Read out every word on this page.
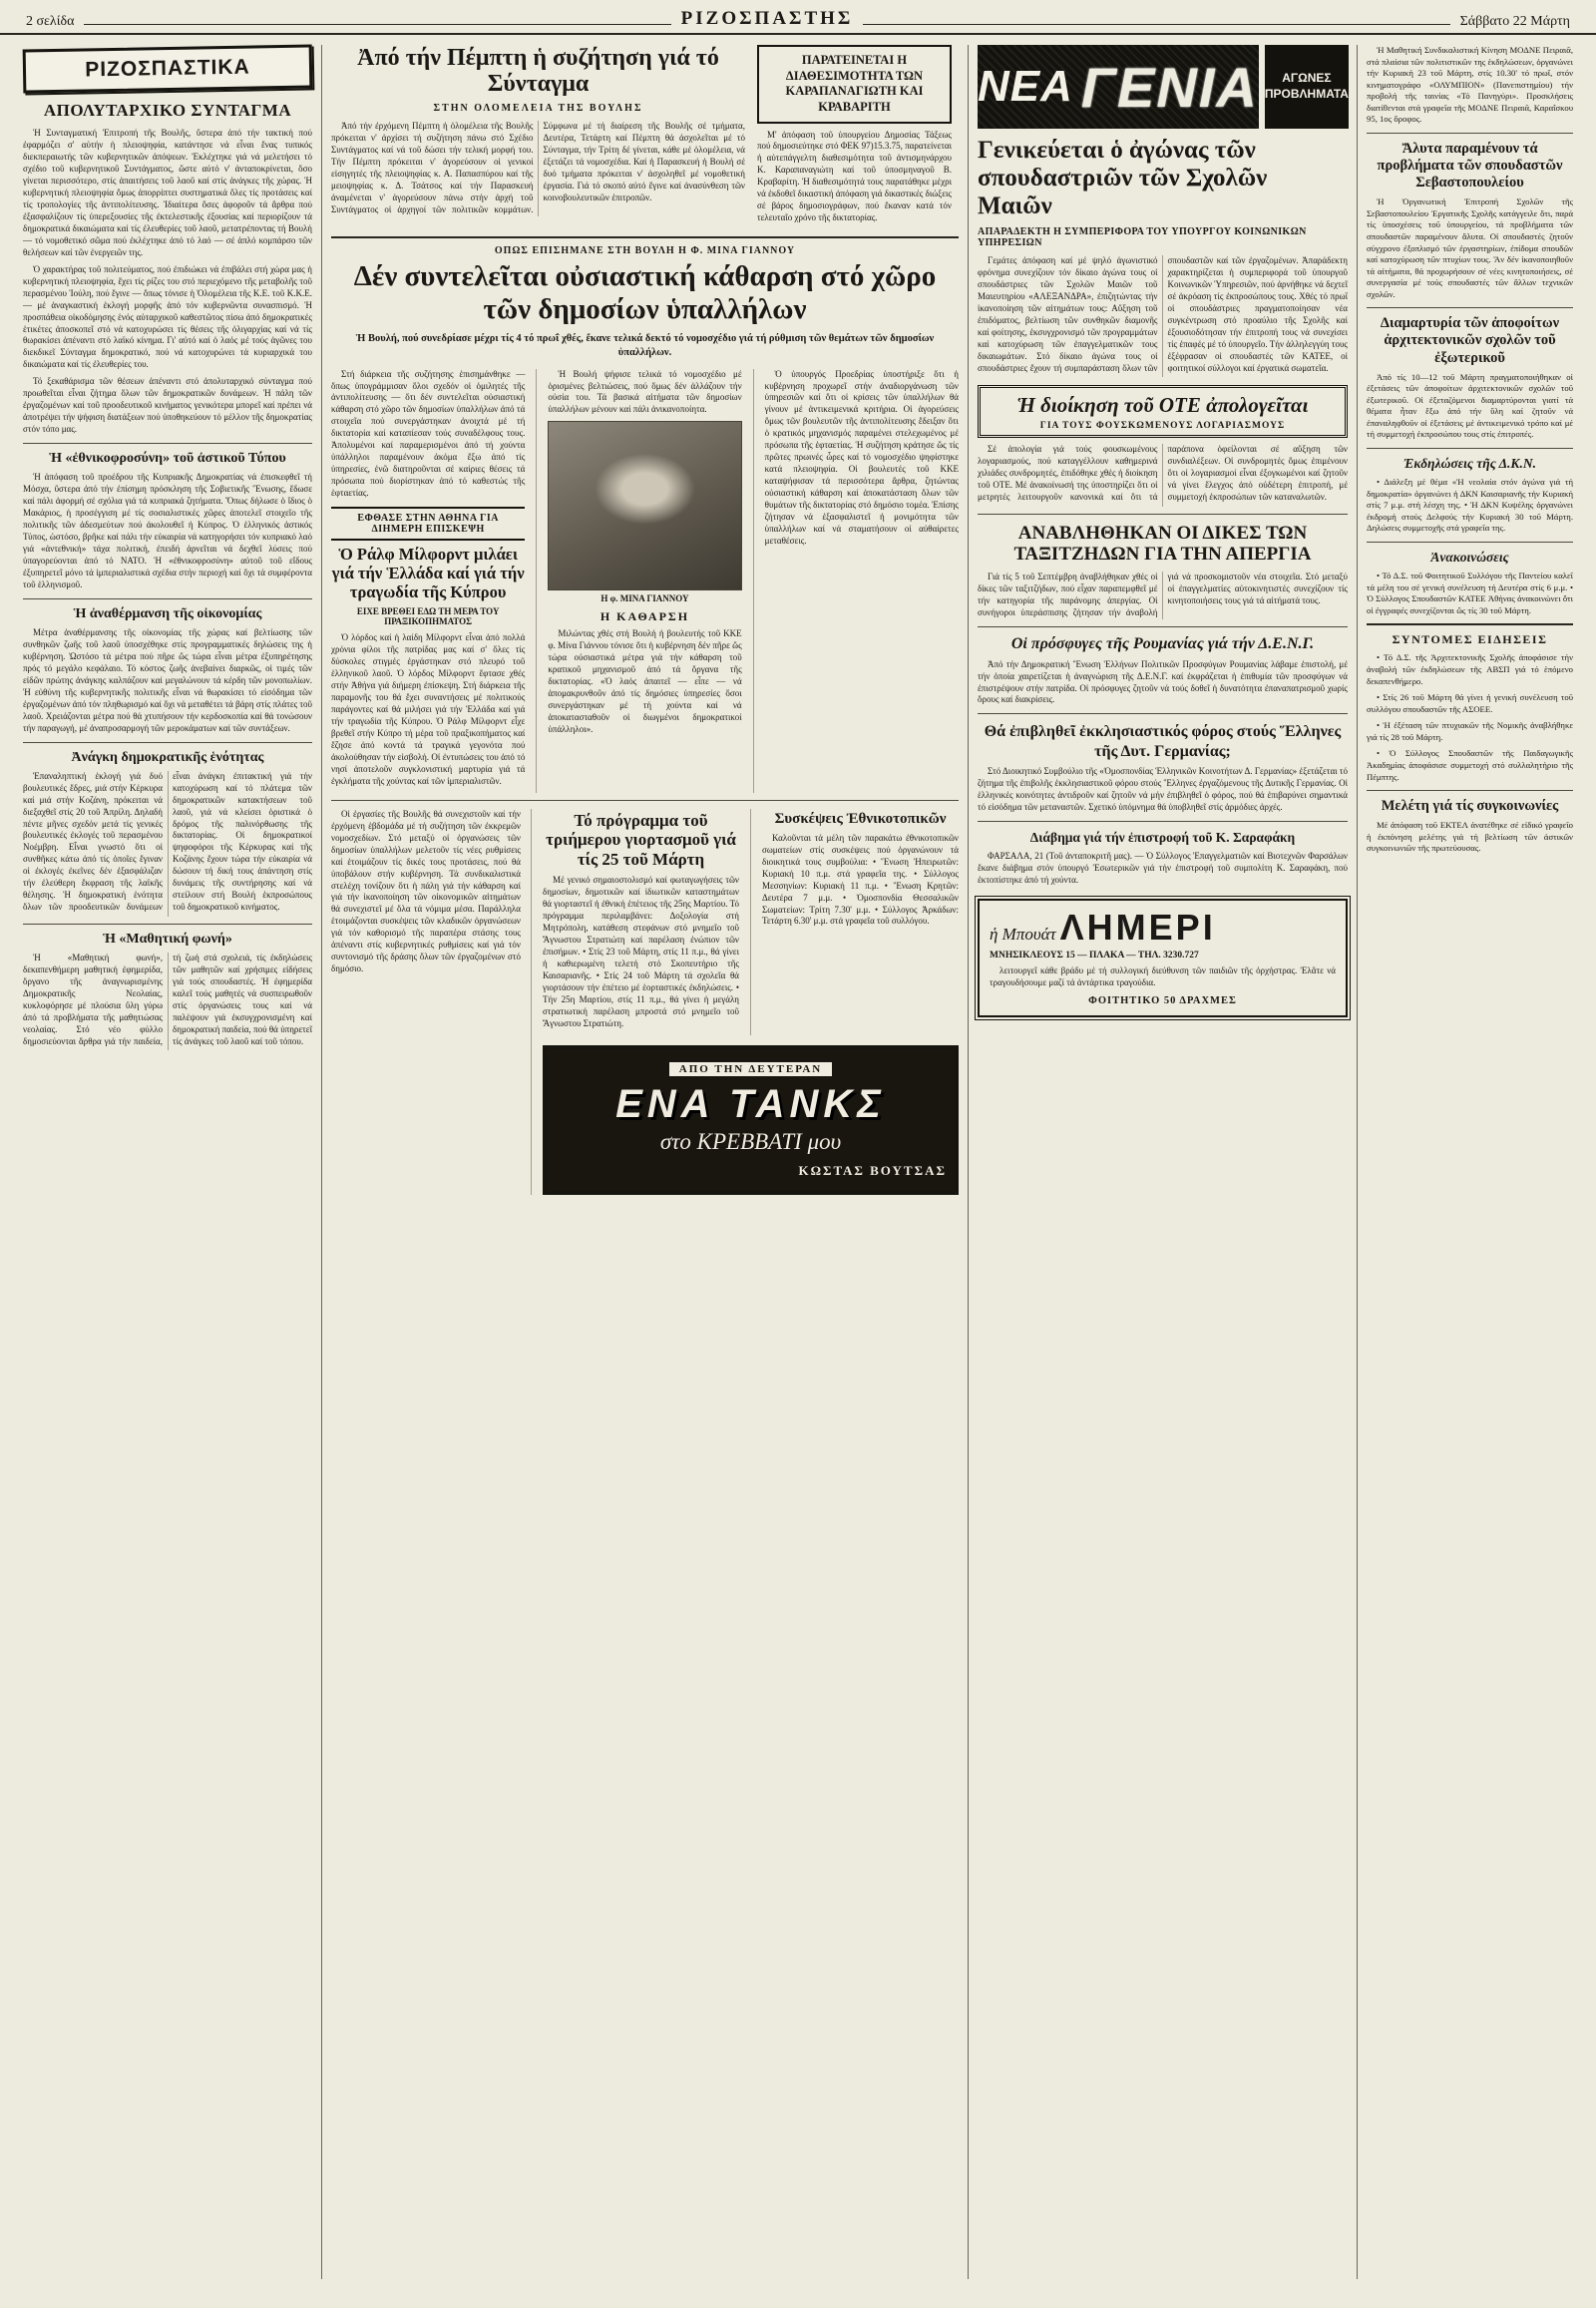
2 σελίδα	ΡΙΖΟΣΠΑΣΤΗΣ	Σάββατο 22 Μάρτη
ΡΙΖΟΣΠΑΣΤΙΚΑ
ΑΠΟΛΥΤΑΡΧΙΚΟ ΣΥΝΤΑΓΜΑ

Ἡ Συνταγματική Ἐπιτροπή τῆς Βουλῆς, ὕστερα ἀπό τήν τακτική πού ἐφαρμόζει σ' αὐτήν ἡ πλειοψηφία, κατάντησε νά εἶναι ἕνας τυπικός διεκπεραιωτής τῶν κυβερνητικῶν ἀπόψεων. Ἐκλέχτηκε γιά νά μελετήσει τό σχέδιο τοῦ κυβερνητικοῦ Συντάγματος, ὥστε αὐτό ν' ἀνταποκρίνεται, ὅσο γίνεται περισσότερο, στίς ἀπαιτήσεις τοῦ λαοῦ καί στίς ἀνάγκες τῆς χώρας. Ἡ κυβερνητική πλειοψηφία ὅμως ἀπορρίπτει συστηματικά ὅλες τίς προτάσεις καί τίς τροπολογίες τῆς ἀντιπολίτευσης. Ἰδιαίτερα ὅσες ἀφοροῦν τά ἄρθρα πού ἐξασφαλίζουν τίς ὑπερεξουσίες τῆς ἐκτελεστικῆς ἐξουσίας καί περιορίζουν τά δημοκρατικά δικαιώματα καί τίς ἐλευθερίες τοῦ λαοῦ, μετατρέποντας τή Βουλή — τό νομοθετικό σῶμα πού ἐκλέχτηκε ἀπό τό λαό — σέ ἁπλό κομπάρσο τῶν θελήσεων καί τῶν ἐνεργειῶν της.

Ὁ χαρακτήρας τοῦ πολιτεύματος, πού ἐπιδιώκει νά ἐπιβάλει στή χώρα μας ἡ κυβερνητική πλειοψηφία, ἔχει τίς ρίζες του στό περιεχόμενο τῆς μεταβολῆς τοῦ περασμένου Ἰούλη, πού ἔγινε — ὅπως τόνισε ἡ Ὁλομέλεια τῆς Κ.Ε. τοῦ Κ.Κ.Ε. — μέ ἀναγκαστική ἐκλογή μορφῆς ἀπό τόν κυβερνῶντα συνασπισμό. Ἡ προσπάθεια οἰκοδόμησης ἑνός αὐταρχικοῦ καθεστῶτος πίσω ἀπό δημοκρατικές ἑτικέτες ἀποσκοπεῖ στό νά κατοχυρώσει τίς θέσεις τῆς ὀλιγαρχίας καί νά τίς θωρακίσει ἀπέναντι στό λαϊκό κίνημα. Γι' αὐτό καί ὁ λαός μέ τούς ἀγῶνες του διεκδικεῖ Σύνταγμα δημοκρατικό, πού νά κατοχυρώνει τά κυριαρχικά του δικαιώματα καί τίς ἐλευθερίες του.

Τό ξεκαθάρισμα τῶν θέσεων ἀπέναντι στό ἀπολυταρχικό σύνταγμα πού προωθεῖται εἶναι ζήτημα ὅλων τῶν δημοκρατικῶν δυνάμεων. Ἡ πάλη τῶν ἐργαζομένων καί τοῦ προοδευτικοῦ κινήματος γενικότερα μπορεῖ καί πρέπει νά ἀποτρέψει τήν ψήφιση διατάξεων πού ὑποθηκεύουν τό μέλλον τῆς δημοκρατίας στόν τόπο μας.

Ἡ «ἐθνικοφροσύνη» τοῦ ἀστικοῦ Τύπου

Ἡ ἀπόφαση τοῦ προέδρου τῆς Κυπριακῆς Δημοκρατίας νά ἐπισκεφθεῖ τή Μόσχα, ὕστερα ἀπό τήν ἐπίσημη πρόσκληση τῆς Σοβιετικῆς Ἕνωσης, ἔδωσε καί πάλι ἀφορμή σέ σχόλια γιά τά κυπριακά ζητήματα. Ὅπως δήλωσε ὁ ἴδιος ὁ Μακάριος, ἡ προσέγγιση μέ τίς σοσιαλιστικές χῶρες ἀποτελεῖ στοιχεῖο τῆς πολιτικῆς τῶν ἀδεσμεύτων πού ἀκολουθεῖ ἡ Κύπρος. Ὁ ἑλληνικός ἀστικός Τύπος, ὡστόσο, βρῆκε καί πάλι τήν εὐκαιρία νά κατηγορήσει τόν κυπριακό λαό γιά «ἀντεθνική» τάχα πολιτική, ἐπειδή ἀρνεῖται νά δεχθεῖ λύσεις πού ὑπαγορεύονται ἀπό τό ΝΑΤΟ. Ἡ «ἐθνικοφροσύνη» αὐτοῦ τοῦ εἴδους ἐξυπηρετεῖ μόνο τά ἰμπεριαλιστικά σχέδια στήν περιοχή καί ὄχι τά συμφέροντα τοῦ ἑλληνισμοῦ.

Ἡ ἀναθέρμανση τῆς οἰκονομίας

Μέτρα ἀναθέρμανσης τῆς οἰκονομίας τῆς χώρας καί βελτίωσης τῶν συνθηκῶν ζωῆς τοῦ λαοῦ ὑποσχέθηκε στίς προγραμματικές δηλώσεις της ἡ κυβέρνηση. Ὡστόσο τά μέτρα πού πῆρε ὥς τώρα εἶναι μέτρα ἐξυπηρέτησης πρός τό μεγάλο κεφάλαιο. Τό κόστος ζωῆς ἀνεβαίνει διαρκῶς, οἱ τιμές τῶν εἰδῶν πρώτης ἀνάγκης καλπάζουν καί μεγαλώνουν τά κέρδη τῶν μονοπωλίων. Ἡ εὐθύνη τῆς κυβερνητικῆς πολιτικῆς εἶναι νά θωρακίσει τό εἰσόδημα τῶν ἐργαζομένων ἀπό τόν πληθωρισμό καί ὄχι νά μεταθέτει τά βάρη στίς πλάτες τοῦ λαοῦ. Χρειάζονται μέτρα πού θά χτυπήσουν τήν κερδοσκοπία καί θά τονώσουν τήν παραγωγή, μέ ἀναπροσαρμογή τῶν μεροκάματων καί τῶν συντάξεων.

Ἀνάγκη δημοκρατικῆς ἑνότητας

Ἐπαναληπτική ἐκλογή γιά δυό βουλευτικές ἕδρες, μιά στήν Κέρκυρα καί μιά στήν Κοζάνη, πρόκειται νά διεξαχθεῖ στίς 20 τοῦ Ἀπρίλη. Δηλαδή πέντε μῆνες σχεδόν μετά τίς γενικές βουλευτικές ἐκλογές τοῦ περασμένου Νοέμβρη. Εἶναι γνωστό ὅτι οἱ συνθῆκες κάτω ἀπό τίς ὁποῖες ἔγιναν οἱ ἐκλογές ἐκεῖνες δέν ἐξασφάλιζαν τήν ἐλεύθερη ἔκφραση τῆς λαϊκῆς θέλησης. Ἡ δημοκρατική ἑνότητα ὅλων τῶν προοδευτικῶν δυνάμεων εἶναι ἀνάγκη ἐπιτακτική γιά τήν κατοχύρωση καί τό πλάτεμα τῶν δημοκρατικῶν κατακτήσεων τοῦ λαοῦ, γιά νά κλείσει ὁριστικά ὁ δρόμος τῆς παλινόρθωσης τῆς δικτατορίας. Οἱ δημοκρατικοί ψηφοφόροι τῆς Κέρκυρας καί τῆς Κοζάνης ἔχουν τώρα τήν εὐκαιρία νά δώσουν τή δική τους ἀπάντηση στίς δυνάμεις τῆς συντήρησης καί νά στείλουν στή Βουλή ἐκπροσώπους τοῦ δημοκρατικοῦ κινήματος.

Ἡ «Μαθητική φωνή»

Ἡ «Μαθητική φωνή», δεκαπενθήμερη μαθητική ἐφημερίδα, ὄργανο τῆς ἀναγνωρισμένης Δημοκρατικῆς Νεολαίας, κυκλοφόρησε μέ πλούσια ὕλη γύρω ἀπό τά προβλήματα τῆς μαθητιώσας νεολαίας. Στό νέο φύλλο δημοσιεύονται ἄρθρα γιά τήν παιδεία, τή ζωή στά σχολειά, τίς ἐκδηλώσεις τῶν μαθητῶν καί χρήσιμες εἰδήσεις γιά τούς σπουδαστές. Ἡ ἐφημερίδα καλεῖ τούς μαθητές νά συσπειρωθοῦν στίς ὀργανώσεις τους καί νά παλέψουν γιά ἐκσυγχρονισμένη καί δημοκρατική παιδεία, πού θά ὑπηρετεῖ τίς ἀνάγκες τοῦ λαοῦ καί τοῦ τόπου.

Ἀπό τήν Πέμπτη ἡ συζήτηση γιά τό Σύνταγμα
ΣΤΗΝ ΟΛΟΜΕΛΕΙΑ ΤΗΣ ΒΟΥΛΗΣ

Ἀπό τήν ἐρχόμενη Πέμπτη ἡ ὁλομέλεια τῆς Βουλῆς πρόκειται ν' ἀρχίσει τή συζήτηση πάνω στό Σχέδιο Συντάγματος καί νά τοῦ δώσει τήν τελική μορφή του. Τήν Πέμπτη πρόκειται ν' ἀγορεύσουν οἱ γενικοί εἰσηγητές τῆς πλειοψηφίας κ. Α. Παπασπύρου καί τῆς μειοψηφίας κ. Δ. Τσάτσος καί τήν Παρασκευή ἀναμένεται ν' ἀγορεύσουν πάνω στήν ἀρχή τοῦ Συντάγματος οἱ ἀρχηγοί τῶν πολιτικῶν κομμάτων. Σύμφωνα μέ τή διαίρεση τῆς Βουλῆς σέ τμήματα, Δευτέρα, Τετάρτη καί Πέμπτη θά ἀσχολεῖται μέ τό Σύνταγμα, τήν Τρίτη δέ γίνεται, κάθε μέ ὁλομέλεια, νά ἐξετάζει τά νομοσχέδια. Καί ἡ Παρασκευή ἡ Βουλή σέ δυό τμήματα πρόκειται ν' ἀσχοληθεῖ μέ νομοθετική ἐργασία. Γιά τό σκοπό αὐτό ἔγινε καί ἀνασύνθεση τῶν κοινοβουλευτικῶν ἐπιτροπῶν.

ΠΑΡΑΤΕΙΝΕΤΑΙ Η ΔΙΑΘΕΣΙΜΟΤΗΤΑ ΤΩΝ ΚΑΡΑΠΑΝΑΓΙΩΤΗ ΚΑΙ ΚΡΑΒΑΡΙΤΗ

Μ' ἀπόφαση τοῦ ὑπουργείου Δημοσίας Τάξεως πού δημοσιεύτηκε στό ΦΕΚ 97)15.3.75, παρατείνεται ἡ αὐτεπάγγελτη διαθεσιμότητα τοῦ ἀντισμηνάρχου Κ. Καραπαναγιώτη καί τοῦ ὑποσμηναγοῦ Β. Κραβαρίτη. Ἡ διαθεσιμότητά τους παρατάθηκε μέχρι νά ἐκδοθεῖ δικαστική ἀπόφαση γιά δικαστικές διώξεις σέ βάρος δημοσιογράφων, πού ἔκαναν κατά τόν τελευταῖο χρόνο τῆς δικτατορίας.

ΟΠΩΣ ΕΠΙΣΗΜΑΝΕ ΣΤΗ ΒΟΥΛΗ Η Φ. ΜΙΝΑ ΓΙΑΝΝΟΥ
Δέν συντελεῖται οὐσιαστική κάθαρση στό χῶρο τῶν δημοσίων ὑπαλλήλων
Ἡ Βουλή, πού συνεδρίασε μέχρι τίς 4 τό πρωΐ χθές, ἔκανε τελικά δεκτό τό νομοσχέδιο γιά τή ρύθμιση τῶν θεμάτων τῶν δημοσίων ὑπαλλήλων.

Στή διάρκεια τῆς συζήτησης ἐπισημάνθηκε — ὅπως ὑπογράμμισαν ὅλοι σχεδόν οἱ ὁμιλητές τῆς ἀντιπολίτευσης — ὅτι δέν συντελεῖται οὐσιαστική κάθαρση στό χῶρο τῶν δημοσίων ὑπαλλήλων ἀπό τά στοιχεῖα πού συνεργάστηκαν ἀνοιχτά μέ τή δικτατορία καί καταπίεσαν τούς συναδέλφους τους. Ἀπολυμένοι καί παραμερισμένοι ἀπό τή χούντα ὑπάλληλοι παραμένουν ἀκόμα ἔξω ἀπό τίς ὑπηρεσίες, ἐνῶ διατηροῦνται σέ καίριες θέσεις τά πρόσωπα πού διορίστηκαν ἀπό τό καθεστώς τῆς ἑφταετίας.

ΕΦΘΑΣΕ ΣΤΗΝ ΑΘΗΝΑ ΓΙΑ ΔΙΗΜΕΡΗ ΕΠΙΣΚΕΨΗ
Ὁ Ράλφ Μίλφορντ μιλάει γιά τήν Ἑλλάδα καί γιά τήν τραγωδία τῆς Κύπρου
ΕΙΧΕ ΒΡΕΘΕΙ ΕΔΩ ΤΗ ΜΕΡΑ ΤΟΥ ΠΡΑΞΙΚΟΠΗΜΑΤΟΣ

Ὁ λόρδος καί ἡ λαίδη Μίλφορντ εἶναι ἀπό πολλά χρόνια φίλοι τῆς πατρίδας μας καί σ' ὅλες τίς δύσκολες στιγμές ἐργάστηκαν στό πλευρό τοῦ ἑλληνικοῦ λαοῦ. Ὁ λόρδος Μίλφορντ ἔφτασε χθές στήν Ἀθήνα γιά διήμερη ἐπίσκεψη. Στή διάρκεια τῆς παραμονῆς του θά ἔχει συναντήσεις μέ πολιτικούς παράγοντες καί θά μιλήσει γιά τήν Ἑλλάδα καί γιά τήν τραγωδία τῆς Κύπρου. Ὁ Ράλφ Μίλφορντ εἶχε βρεθεῖ στήν Κύπρο τή μέρα τοῦ πραξικοπήματος καί ἔζησε ἀπό κοντά τά τραγικά γεγονότα πού ἀκολούθησαν τήν εἰσβολή. Οἱ ἐντυπώσεις του ἀπό τό νησί ἀποτελοῦν συγκλονιστική μαρτυρία γιά τά ἐγκλήματα τῆς χούντας καί τῶν ἰμπεριαλιστῶν.

Ἡ Βουλή ψήφισε τελικά τό νομοσχέδιο μέ ὁρισμένες βελτιώσεις, πού ὅμως δέν ἀλλάζουν τήν οὐσία του. Τά βασικά αἰτήματα τῶν δημοσίων ὑπαλλήλων μένουν καί πάλι ἀνικανοποίητα.

Η φ. ΜΙΝΑ ΓΙΑΝΝΟΥ
Η ΚΑΘΑΡΣΗ

Μιλώντας χθές στή Βουλή ἡ βουλευτής τοῦ ΚΚΕ φ. Μίνα Γιάννου τόνισε ὅτι ἡ κυβέρνηση δέν πῆρε ὥς τώρα οὐσιαστικά μέτρα γιά τήν κάθαρση τοῦ κρατικοῦ μηχανισμοῦ ἀπό τά ὄργανα τῆς δικτατορίας. «Ὁ λαός ἀπαιτεῖ — εἶπε — νά ἀπομακρυνθοῦν ἀπό τίς δημόσιες ὑπηρεσίες ὅσοι συνεργάστηκαν μέ τή χούντα καί νά ἀποκατασταθοῦν οἱ διωγμένοι δημοκρατικοί ὑπάλληλοι».

Ὁ ὑπουργός Προεδρίας ὑποστήριξε ὅτι ἡ κυβέρνηση προχωρεῖ στήν ἀναδιοργάνωση τῶν ὑπηρεσιῶν καί ὅτι οἱ κρίσεις τῶν ὑπαλλήλων θά γίνουν μέ ἀντικειμενικά κριτήρια. Οἱ ἀγορεύσεις ὅμως τῶν βουλευτῶν τῆς ἀντιπολίτευσης ἔδειξαν ὅτι ὁ κρατικός μηχανισμός παραμένει στελεχωμένος μέ πρόσωπα τῆς ἑφταετίας. Ἡ συζήτηση κράτησε ὥς τίς πρῶτες πρωινές ὧρες καί τό νομοσχέδιο ψηφίστηκε κατά πλειοψηφία. Οἱ βουλευτές τοῦ ΚΚΕ καταψήφισαν τά περισσότερα ἄρθρα, ζητώντας οὐσιαστική κάθαρση καί ἀποκατάσταση ὅλων τῶν θυμάτων τῆς δικτατορίας στό δημόσιο τομέα. Ἐπίσης ζήτησαν νά ἐξασφαλιστεῖ ἡ μονιμότητα τῶν ὑπαλλήλων καί νά σταματήσουν οἱ αὐθαίρετες μεταθέσεις.

Οἱ ἐργασίες τῆς Βουλῆς θά συνεχιστοῦν καί τήν ἐρχόμενη ἑβδομάδα μέ τή συζήτηση τῶν ἐκκρεμῶν νομοσχεδίων. Στό μεταξύ οἱ ὀργανώσεις τῶν δημοσίων ὑπαλλήλων μελετοῦν τίς νέες ρυθμίσεις καί ἑτοιμάζουν τίς δικές τους προτάσεις, πού θά ὑποβάλουν στήν κυβέρνηση. Τά συνδικαλιστικά στελέχη τονίζουν ὅτι ἡ πάλη γιά τήν κάθαρση καί γιά τήν ἱκανοποίηση τῶν οἰκονομικῶν αἰτημάτων θά συνεχιστεῖ μέ ὅλα τά νόμιμα μέσα. Παράλληλα ἑτοιμάζονται συσκέψεις τῶν κλαδικῶν ὀργανώσεων γιά τόν καθορισμό τῆς παραπέρα στάσης τους ἀπέναντι στίς κυβερνητικές ρυθμίσεις καί γιά τόν συντονισμό τῆς δράσης ὅλων τῶν ἐργαζομένων στό δημόσιο.

Τό πρόγραμμα τοῦ τριήμερου γιορτασμοῦ γιά τίς 25 τοῦ Μάρτη

Μέ γενικό σημαιοστολισμό καί φωταγωγήσεις τῶν δημοσίων, δημοτικῶν καί ἰδιωτικῶν καταστημάτων θά γιορταστεῖ ἡ ἐθνική ἐπέτειος τῆς 25ης Μαρτίου. Τό πρόγραμμα περιλαμβάνει: Δοξολογία στή Μητρόπολη, κατάθεση στεφάνων στό μνημεῖο τοῦ Ἄγνωστου Στρατιώτη καί παρέλαση ἐνώπιον τῶν ἐπισήμων. • Στίς 23 τοῦ Μάρτη, στίς 11 π.μ., θά γίνει ἡ καθιερωμένη τελετή στό Σκοπευτήριο τῆς Καισαριανῆς. • Στίς 24 τοῦ Μάρτη τά σχολεῖα θά γιορτάσουν τήν ἐπέτειο μέ ἑορταστικές ἐκδηλώσεις. • Τήν 25η Μαρτίου, στίς 11 π.μ., θά γίνει ἡ μεγάλη στρατιωτική παρέλαση μπροστά στό μνημεῖο τοῦ Ἄγνωστου Στρατιώτη.

Συσκέψεις Ἐθνικοτοπικῶν

Καλοῦνται τά μέλη τῶν παρακάτω ἐθνικοτοπικῶν σωματείων στίς συσκέψεις πού ὀργανώνουν τά διοικητικά τους συμβούλια: • Ἕνωση Ἠπειρωτῶν: Κυριακή 10 π.μ. στά γραφεῖα της. • Σύλλογος Μεσσηνίων: Κυριακή 11 π.μ. • Ἕνωση Κρητῶν: Δευτέρα 7 μ.μ. • Ὁμοσπονδία Θεσσαλικῶν Σωματείων: Τρίτη 7.30' μ.μ. • Σύλλογος Ἀρκάδων: Τετάρτη 6.30' μ.μ. στά γραφεῖα τοῦ συλλόγου.

ΑΠΟ ΤΗΝ ΔΕΥΤΕΡΑΝ
ΕΝΑ ΤΑΝΚΣ
στο ΚΡΕΒΒΑΤΙ μου
ΚΩΣΤΑΣ ΒΟΥΤΣΑΣ
ΝΕΑ ΓΕΝΙΑ ΑΓΩΝΕΣ
ΠΡΟΒΛΗΜΑΤΑ
Γενικεύεται ὁ ἀγώνας τῶν σπουδαστριῶν τῶν Σχολῶν Μαιῶν
ΑΠΑΡΑΔΕΚΤΗ Η ΣΥΜΠΕΡΙΦΟΡΑ ΤΟΥ ΥΠΟΥΡΓΟΥ ΚΟΙΝΩΝΙΚΩΝ ΥΠΗΡΕΣΙΩΝ

Γεμάτες ἀπόφαση καί μέ ψηλό ἀγωνιστικό φρόνημα συνεχίζουν τόν δίκαιο ἀγώνα τους οἱ σπουδάστριες τῶν Σχολῶν Μαιῶν τοῦ Μαιευτηρίου «ΑΛΕΞΑΝΔΡΑ», ἐπιζητώντας τήν ἱκανοποίηση τῶν αἰτημάτων τους: Αὔξηση τοῦ ἐπιδόματος, βελτίωση τῶν συνθηκῶν διαμονῆς καί φοίτησης, ἐκσυγχρονισμό τῶν προγραμμάτων καί κατοχύρωση τῶν ἐπαγγελματικῶν τους δικαιωμάτων. Στό δίκαιο ἀγώνα τους οἱ σπουδάστριες ἔχουν τή συμπαράσταση ὅλων τῶν σπουδαστῶν καί τῶν ἐργαζομένων. Ἀπαράδεκτη χαρακτηρίζεται ἡ συμπεριφορά τοῦ ὑπουργοῦ Κοινωνικῶν Ὑπηρεσιῶν, πού ἀρνήθηκε νά δεχτεῖ σέ ἀκρόαση τίς ἐκπροσώπους τους. Χθές τό πρωΐ οἱ σπουδάστριες πραγματοποίησαν νέα συγκέντρωση στό προαύλιο τῆς Σχολῆς καί ἐξουσιοδότησαν τήν ἐπιτροπή τους νά συνεχίσει τίς ἐπαφές μέ τό ὑπουργεῖο. Τήν ἀλληλεγγύη τους ἐξέφρασαν οἱ σπουδαστές τῶν ΚΑΤΕΕ, οἱ φοιτητικοί σύλλογοι καί ἐργατικά σωματεῖα.

Ἡ διοίκηση τοῦ ΟΤΕ ἀπολογεῖται
ΓΙΑ ΤΟΥΣ ΦΟΥΣΚΩΜΕΝΟΥΣ ΛΟΓΑΡΙΑΣΜΟΥΣ

Σέ ἀπολογία γιά τούς φουσκωμένους λογαριασμούς, πού καταγγέλλουν καθημερινά χιλιάδες συνδρομητές, ἐπιδόθηκε χθές ἡ διοίκηση τοῦ ΟΤΕ. Μέ ἀνακοίνωσή της ὑποστηρίζει ὅτι οἱ μετρητές λειτουργοῦν κανονικά καί ὅτι τά παράπονα ὀφείλονται σέ αὔξηση τῶν συνδιαλέξεων. Οἱ συνδρομητές ὅμως ἐπιμένουν ὅτι οἱ λογαριασμοί εἶναι ἐξογκωμένοι καί ζητοῦν νά γίνει ἔλεγχος ἀπό οὐδέτερη ἐπιτροπή, μέ συμμετοχή ἐκπροσώπων τῶν καταναλωτῶν.

ΑΝΑΒΛΗΘΗΚΑΝ ΟΙ ΔΙΚΕΣ ΤΩΝ ΤΑΞΙΤΖΗΔΩΝ ΓΙΑ ΤΗΝ ΑΠΕΡΓΙΑ

Γιά τίς 5 τοῦ Σεπτέμβρη ἀναβλήθηκαν χθές οἱ δίκες τῶν ταξιτζήδων, πού εἶχαν παραπεμφθεῖ μέ τήν κατηγορία τῆς παράνομης ἀπεργίας. Οἱ συνήγοροι ὑπεράσπισης ζήτησαν τήν ἀναβολή γιά νά προσκομιστοῦν νέα στοιχεῖα. Στό μεταξύ οἱ ἐπαγγελματίες αὐτοκινητιστές συνεχίζουν τίς κινητοποιήσεις τους γιά τά αἰτήματά τους.

Οἱ πρόσφυγες τῆς Ρουμανίας γιά τήν Δ.Ε.Ν.Γ.

Ἀπό τήν Δημοκρατική Ἕνωση Ἑλλήνων Πολιτικῶν Προσφύγων Ρουμανίας λάβαμε ἐπιστολή, μέ τήν ὁποία χαιρετίζεται ἡ ἀναγνώριση τῆς Δ.Ε.Ν.Γ. καί ἐκφράζεται ἡ ἐπιθυμία τῶν προσφύγων νά ἐπιστρέψουν στήν πατρίδα. Οἱ πρόσφυγες ζητοῦν νά τούς δοθεῖ ἡ δυνατότητα ἐπαναπατρισμοῦ χωρίς ὅρους καί διακρίσεις.

Θά ἐπιβληθεῖ ἐκκλησιαστικός φόρος στούς Ἕλληνες τῆς Δυτ. Γερμανίας;

Στό Διοικητικό Συμβούλιο τῆς «Ὁμοσπονδίας Ἑλληνικῶν Κοινοτήτων Δ. Γερμανίας» ἐξετάζεται τό ζήτημα τῆς ἐπιβολῆς ἐκκλησιαστικοῦ φόρου στούς Ἕλληνες ἐργαζόμενους τῆς Δυτικῆς Γερμανίας. Οἱ ἑλληνικές κοινότητες ἀντιδροῦν καί ζητοῦν νά μήν ἐπιβληθεῖ ὁ φόρος, πού θά ἐπιβαρύνει σημαντικά τό εἰσόδημα τῶν μεταναστῶν. Σχετικό ὑπόμνημα θά ὑποβληθεῖ στίς ἁρμόδιες ἀρχές.

Διάβημα γιά τήν ἐπιστροφή τοῦ Κ. Σαραφάκη

ΦΑΡΣΑΛΑ, 21 (Τοῦ ἀνταποκριτῆ μας). — Ὁ Σύλλογος Ἐπαγγελματιῶν καί Βιοτεχνῶν Φαρσάλων ἔκανε διάβημα στόν ὑπουργό Ἐσωτερικῶν γιά τήν ἐπιστροφή τοῦ συμπολίτη Κ. Σαραφάκη, πού ἐκτοπίστηκε ἀπό τή χούντα.

ἡ Μπουάτ ΛΗΜΕΡΙ
ΜΝΗΣΙΚΛΕΟΥΣ 15 — ΠΛΑΚΑ — ΤΗΛ. 3230.727

λειτουργεῖ κάθε βράδυ μέ τή συλλογική διεύθυνση τῶν παιδιῶν τῆς ὀρχήστρας. Ἐλᾶτε νά τραγουδήσουμε μαζί τά ἀντάρτικα τραγούδια.

ΦΟΙΤΗΤΙΚΟ 50 ΔΡΑΧΜΕΣ

Ἡ Μαθητική Συνδικαλιστική Κίνηση ΜΟΔΝΕ Πειραιᾶ, στά πλαίσια τῶν πολιτιστικῶν της ἐκδηλώσεων, ὀργανώνει τήν Κυριακή 23 τοῦ Μάρτη, στίς 10.30' τό πρωΐ, στόν κινηματογράφο «ΟΛΥΜΠΙΟΝ» (Πανεπιστημίου) τήν προβολή τῆς ταινίας «Τό Πανηγύρι». Προσκλήσεις διατίθενται στά γραφεῖα τῆς ΜΟΔΝΕ Πειραιᾶ, Καραΐσκου 95, 1ος ὄροφος.

Ἄλυτα παραμένουν τά προβλήματα τῶν σπουδαστῶν Σεβαστοπουλείου

Ἡ Ὀργανωτική Ἐπιτροπή Σχολῶν τῆς Σεβαστοπουλείου Ἐργατικῆς Σχολῆς κατάγγειλε ὅτι, παρά τίς ὑποσχέσεις τοῦ ὑπουργείου, τά προβλήματα τῶν σπουδαστῶν παραμένουν ἄλυτα. Οἱ σπουδαστές ζητοῦν σύγχρονο ἐξοπλισμό τῶν ἐργαστηρίων, ἐπίδομα σπουδῶν καί κατοχύρωση τῶν πτυχίων τους. Ἄν δέν ἱκανοποιηθοῦν τά αἰτήματα, θά προχωρήσουν σέ νέες κινητοποιήσεις, σέ συνεργασία μέ τούς σπουδαστές τῶν ἄλλων τεχνικῶν σχολῶν.

Διαμαρτυρία τῶν ἀποφοίτων ἀρχιτεκτονικῶν σχολῶν τοῦ ἐξωτερικοῦ

Ἀπό τίς 10—12 τοῦ Μάρτη πραγματοποιήθηκαν οἱ ἐξετάσεις τῶν ἀποφοίτων ἀρχιτεκτονικῶν σχολῶν τοῦ ἐξωτερικοῦ. Οἱ ἐξεταζόμενοι διαμαρτύρονται γιατί τά θέματα ἦταν ἔξω ἀπό τήν ὕλη καί ζητοῦν νά ἐπαναληφθοῦν οἱ ἐξετάσεις μέ ἀντικειμενικό τρόπο καί μέ τή συμμετοχή ἐκπροσώπου τους στίς ἐπιτροπές.

Ἐκδηλώσεις τῆς Δ.Κ.Ν.

• Διάλεξη μέ θέμα «Ἡ νεολαία στόν ἀγώνα γιά τή δημοκρατία» ὀργανώνει ἡ ΔΚΝ Καισαριανῆς τήν Κυριακή στίς 7 μ.μ. στή λέσχη της. • Ἡ ΔΚΝ Κυψέλης ὀργανώνει ἐκδρομή στούς Δελφούς τήν Κυριακή 30 τοῦ Μάρτη. Δηλώσεις συμμετοχῆς στά γραφεῖα της.

Ἀνακοινώσεις

• Τό Δ.Σ. τοῦ Φοιτητικοῦ Συλλόγου τῆς Παντείου καλεῖ τά μέλη του σέ γενική συνέλευση τή Δευτέρα στίς 6 μ.μ. • Ὁ Σύλλογος Σπουδαστῶν ΚΑΤΕΕ Ἀθήνας ἀνακοινώνει ὅτι οἱ ἐγγραφές συνεχίζονται ὥς τίς 30 τοῦ Μάρτη.

ΣΥΝΤΟΜΕΣ ΕΙΔΗΣΕΙΣ

• Τό Δ.Σ. τῆς Ἀρχιτεκτονικῆς Σχολῆς ἀποφάσισε τήν ἀναβολή τῶν ἐκδηλώσεων τῆς ΑΒΣΠ γιά τό ἑπόμενο δεκαπενθήμερο.

• Στίς 26 τοῦ Μάρτη θά γίνει ἡ γενική συνέλευση τοῦ συλλόγου σπουδαστῶν τῆς ΑΣΟΕΕ.

• Ἡ ἐξέταση τῶν πτυχιακῶν τῆς Νομικῆς ἀναβλήθηκε γιά τίς 28 τοῦ Μάρτη.

• Ὁ Σύλλογος Σπουδαστῶν τῆς Παιδαγωγικῆς Ἀκαδημίας ἀποφάσισε συμμετοχή στό συλλαλητήριο τῆς Πέμπτης.

Μελέτη γιά τίς συγκοινωνίες

Μέ ἀπόφαση τοῦ ΕΚΤΕΛ ἀνατέθηκε σέ εἰδικό γραφεῖο ἡ ἐκπόνηση μελέτης γιά τή βελτίωση τῶν ἀστικῶν συγκοινωνιῶν τῆς πρωτεύουσας.
